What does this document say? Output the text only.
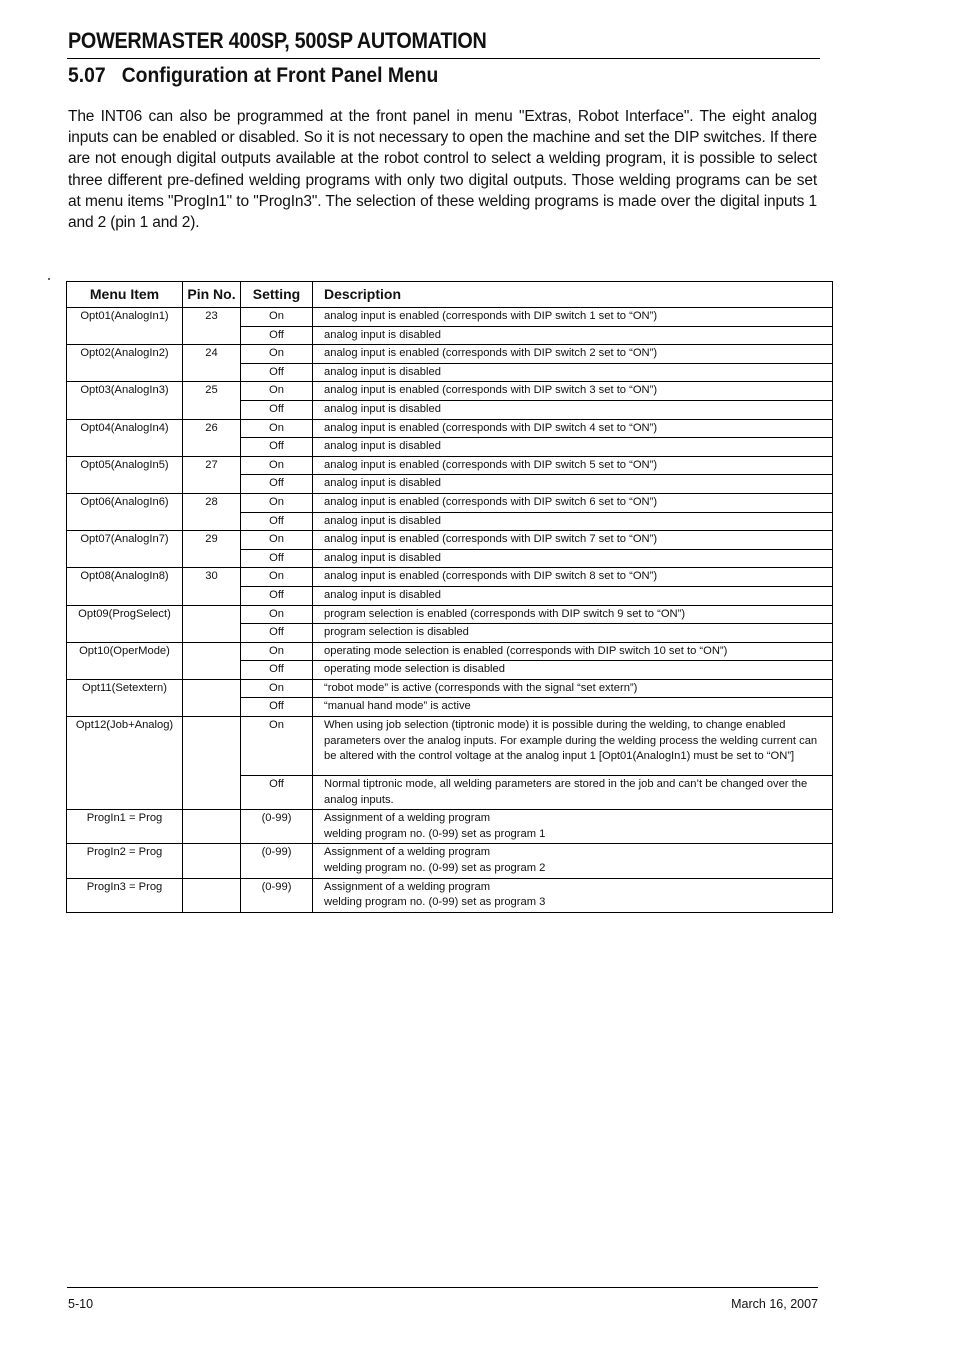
POWERMASTER 400SP, 500SP AUTOMATION
5.07   Configuration at Front Panel Menu
The INT06 can also be programmed at the front panel in menu "Extras, Robot Interface". The eight analog inputs can be enabled or disabled. So it is not necessary to open the machine and set the DIP switches. If there are not enough digital outputs available at the robot control to select a welding program, it is possible to select three different pre-defined welding programs with only two digital outputs. Those welding programs can be set at menu items "ProgIn1" to "ProgIn3". The selection of these welding programs is made over the digital inputs 1 and 2 (pin 1 and 2).
Menu Item	Pin No.	Setting	Description
Opt01(AnalogIn1)	23	On	analog input is enabled (corresponds with DIP switch 1 set to “ON”)

		Off	analog input is disabled

Opt02(AnalogIn2)	24	On	analog input is enabled (corresponds with DIP switch 2 set to “ON”)

		Off	analog input is disabled

Opt03(AnalogIn3)	25	On	analog input is enabled (corresponds with DIP switch 3 set to “ON”)

		Off	analog input is disabled

Opt04(AnalogIn4)	26	On	analog input is enabled (corresponds with DIP switch 4 set to “ON”)

		Off	analog input is disabled

Opt05(AnalogIn5)	27	On	analog input is enabled (corresponds with DIP switch 5 set to “ON”)

		Off	analog input is disabled

Opt06(AnalogIn6)	28	On	analog input is enabled (corresponds with DIP switch 6 set to “ON”)

		Off	analog input is disabled

Opt07(AnalogIn7)	29	On	analog input is enabled (corresponds with DIP switch 7 set to “ON”)

		Off	analog input is disabled

Opt08(AnalogIn8)	30	On	analog input is enabled (corresponds with DIP switch 8 set to “ON”)

		Off	analog input is disabled

Opt09(ProgSelect)		On	program selection is enabled (corresponds with DIP switch 9 set to “ON”)

		Off	program selection is disabled

Opt10(OperMode)		On	operating mode selection is enabled (corresponds with DIP switch 10 set to “ON”)

		Off	operating mode selection is disabled

Opt11(Setextern)		On	“robot mode” is active (corresponds with the signal “set extern”)

		Off	“manual hand mode” is active

Opt12(Job+Analog)		On	When using job selection (tiptronic mode) it is possible during the welding, to change enabled
parameters over the analog inputs. For example during the welding process the welding current can
be altered with the control voltage at the analog input 1 [Opt01(AnalogIn1) must be set to “ON”]

		Off	Normal tiptronic mode, all welding parameters are stored in the job and can’t be changed over the
analog inputs.

ProgIn1 = Prog		(0-99)	Assignment of a welding program
welding program no. (0-99) set as program 1

ProgIn2 = Prog		(0-99)	Assignment of a welding program
welding program no. (0-99) set as program 2

ProgIn3 = Prog		(0-99)	Assignment of a welding program
welding program no. (0-99) set as program 3
5-10	March 16, 2007
